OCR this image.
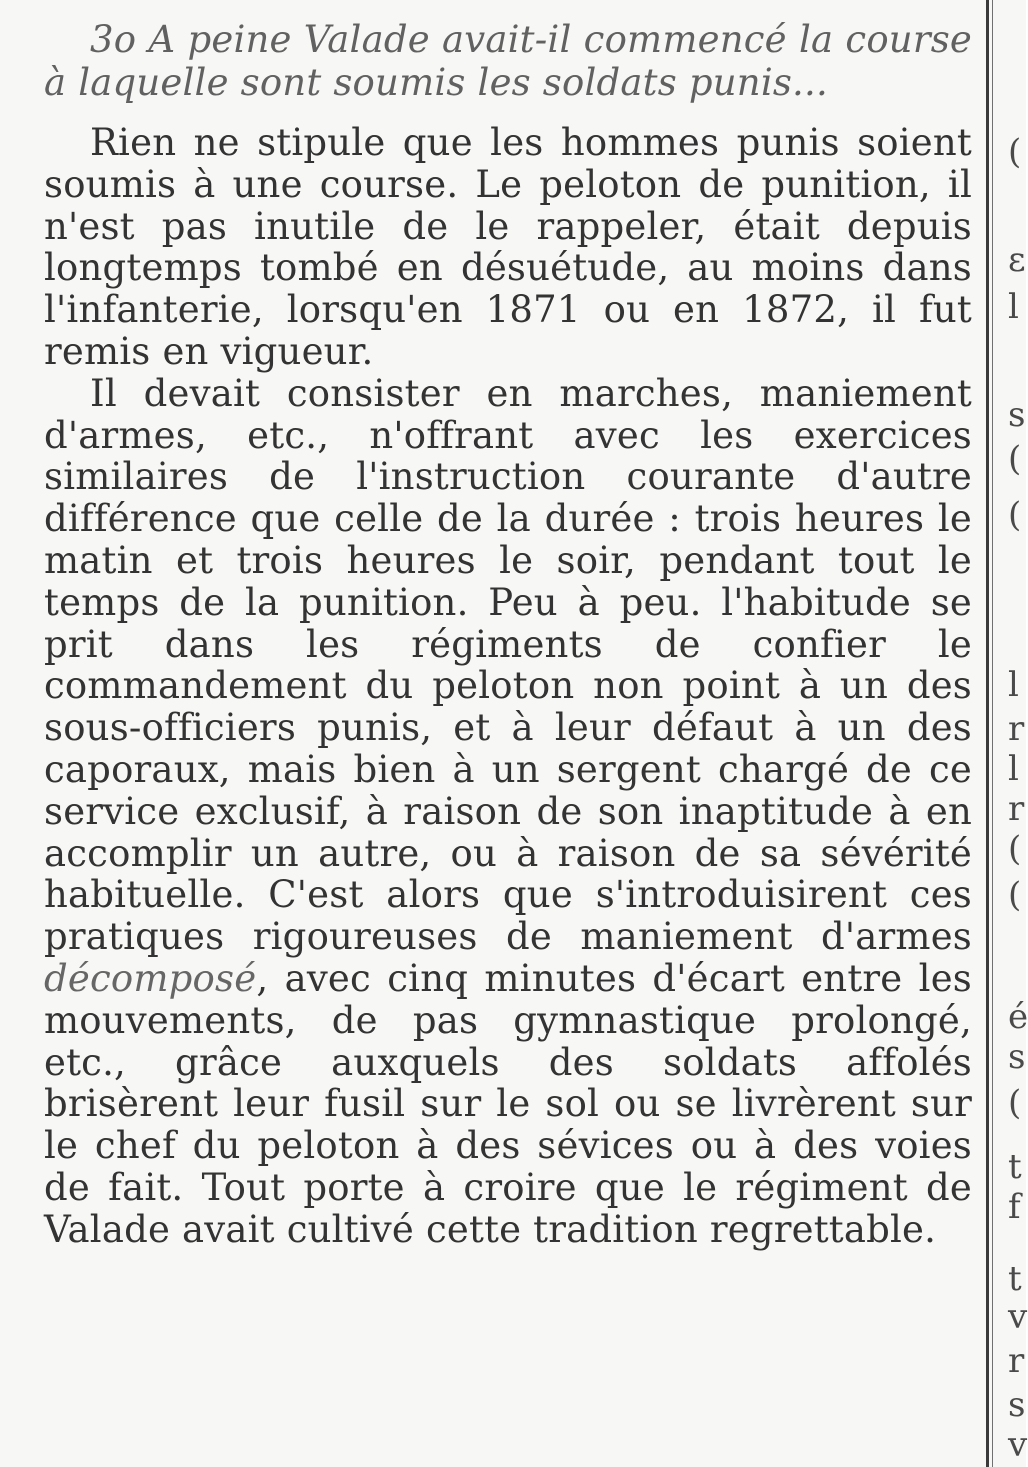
3o A peine Valade avait-il commencé la course à laquelle sont soumis les soldats punis...

Rien ne stipule que les hommes punis soient soumis à une course. Le peloton de punition, il n'est pas inutile de le rappeler, était depuis longtemps tombé en désuétude, au moins dans l'infanterie, lorsqu'en 1871 ou en 1872, il fut remis en vigueur.

Il devait consister en marches, maniement d'armes, etc., n'offrant avec les exercices similaires de l'instruction courante d'autre différence que celle de la durée : trois heures le matin et trois heures le soir, pendant tout le temps de la punition. Peu à peu. l'habitude se prit dans les régiments de confier le commandement du peloton non point à un des sous-officiers punis, et à leur défaut à un des caporaux, mais bien à un sergent chargé de ce service exclusif, à raison de son inaptitude à en accomplir un autre, ou à raison de sa sévérité habituelle. C'est alors que s'introduisirent ces pratiques rigoureuses de maniement d'armes décomposé, avec cinq minutes d'écart entre les mouvements, de pas gymnastique prolongé, etc., grâce auxquels des soldats affolés brisèrent leur fusil sur le sol ou se livrèrent sur le chef du peloton à des sévices ou à des voies de fait. Tout porte à croire que le régiment de Valade avait cultivé cette tradition regrettable.

(
ε
l
s
(
(
l
r
l
r
(
(
é
s
(
t
f
t
v
r
s
v
